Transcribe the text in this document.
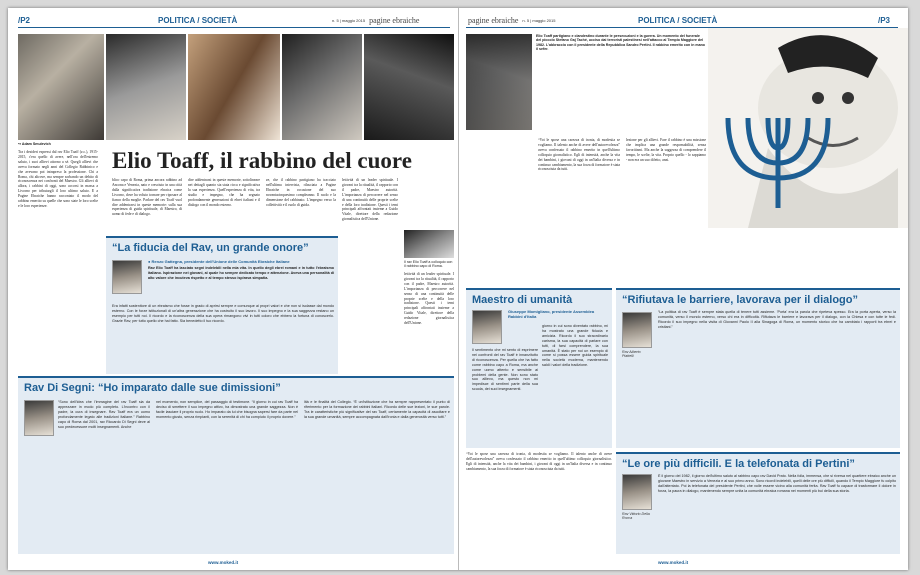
/P2	POLITICA / SOCIETÀ	n. 5 | maggio 2015 pagine ebraiche
↪ Adam Smulevich
Elio Toaff, il rabbino del cuore
Tra i desideri espressi dal rav Elio Toaff (z.c.), 1915-2015, c'era quello di avere, nell'ora dell'estremo saluto, i suoi allievi attorno a sé. Quegli allievi che aveva formato negli anni del Collegio Rabbinico e che avevano poi intrapreso la professione. Chi a Roma, chi altrove, ma sempre sorbando un debito di riconoscenza nei confronti del Maestro. Gli allievi di allora, i rabbini di oggi, sono accorsi in massa a Livorno per tributargli il loro ultimo saluto. E a Pagine Ebraiche hanno raccontato il modo del rabbino emerito su quelle che sono state le loro scelte e le loro esperienze.
blico capo di Roma, prima ancora rabbino ad Ancona e Venezia, nato e cresciuto in una città dalla significativa tradizione ebraica come Livorno, dove ha voluto tornare per riposare al fianco della moglie. Parlare del rav Toaff vuol dire addentrarsi in queste memorie: sulla sua esperienza di guida spirituale, di Maestro, di uomo di fede e di dialogo.
dire addentrarsi in queste memorie, sottolineare nei dettagli quanto sia stata ricca e significativa la sua esperienza. Quell'esperienza di vita, tra studio e impegno, che ha segnato profondamente generazioni di ebrei italiani e il dialogo con il mondo esterno.
ze, che il rabbino partigiano ha tracciato nell'ultima intervista, rilasciata a Pagine Ebraiche in occasione del suo novantacinquesimo compleanno. Il ruolo e la dimensione del rabbinato. L'impegno verso la collettività e il ruolo di guida.
lettività di un leader spirituale. I giovani tra la ritualità, il rapporto con il padre, Maestro autorità. L'importanza di percorrere nel senso di una continuità delle proprie scelte e della loro tradizione. Questi i temi principali affrontati insieme a Guido Vitale, direttore della redazione giornalistica dell'Unione.
Il rav Elio Toaff a colloquio con il rabbino capo di Roma.
lettività di un leader spirituale. I giovani tra la ritualità, il rapporto con il padre, Maestro autorità. L'importanza di percorrere nel senso di una continuità delle proprie scelte e della loro tradizione. Questi i temi principali affrontati insieme a Guido Vitale, direttore della redazione giornalistica dell'Unione.
“La fiducia del Rav, un grande onore”
● Renzo Gattegna, presidente dell'Unione delle Comunità Ebraiche Italiane
Rav Elio Toaff ha lasciato segni indelebili nella mia vita. In quello degli ebrei romani e in tutto l'ebraismo italiano. Ispirazione nei giovani, al quale ho sempre dedicato tempo e attenzione. Aveva una personalità di alto valore che incuteva rispetto e al tempo stesso ispirava simpatia.
Era infatti sostenitore di un ebraismo che fosse in grado di aprirsi sempre e comunque ai propri valori e che non si isolasse dal mondo esterno. Con le forze istituzionali di un'altra generazione che ha costruito il suo lavoro. Il suo impegno e la sua saggezza restano un esempio per tutti noi. Il ricordo e la riconoscenza della sua opera rimangono vivi in tutti coloro che ebbero la fortuna di conoscerlo. Grazie Rav, per tutto quello che hai fatto. Sia benedetto il tuo ricordo.
Rav Di Segni: “Ho imparato dalle sue dimissioni”
“Sono dell'idea che l'immagine del rav Toaff sia da apprezzare in modo più completo. L'incontro con il padre, la cura di insegnare. Rav Toaff era un uomo profondamente legato alle tradizioni italiane.” Rabbino capo di Roma dal 2001, rav Riccardo Di Segni deve al suo predecessore molti insegnamenti. Anche
nel momento, non semplice, del passaggio di testimone. “Il giorno in cui rav Toaff ha deciso di smettere il suo impegno attivo, ha dimostrato una grande saggezza. Non è facile lasciare il proprio ruolo. Ho imparato da lui che bisogna sapersi fare da parte nel momento giusto, senza rimpianti, con la serenità di chi ha compiuto il proprio dovere.”
lità e le finalità del Collegio. “È un'istituzione che ha sempre rappresentato il punto di riferimento per la formazione dei rabbini italiani. Ricordo delle sue lezioni, le sue parole. Tra le caratteristiche più significative del rav Toaff, certamente la capacità di ascoltare e la sua grande umanità, sempre accompagnata dall'ironia e dalla generosità verso tutti.”
www.moked.it
pagine ebraiche n. 5 | maggio 2015	POLITICA / SOCIETÀ	/P3
Elio Toaff partigiano e clandestino durante le persecuzioni e la guerra. Un momento del funerale del piccolo Stefano Gaj Taché, ucciso dai terroristi palestinesi nell'attacco al Tempio Maggiore del 1982. L'abbraccio con il presidente della Repubblica Sandro Pertini. Il rabbino emerito con in mano il sefer.
“Voi le spose una carezza di ironia, di modestia se vogliamo. Il talento anche di avere dell'autorevolezza” aveva confessato il rabbino emerito in quell'ultimo colloquio giornalistico. Egli di intensità, anche la vita dei bambini, i giovani di oggi in un'Italia diversa e in continuo cambiamento, la sua forza di formatore è stata riconosciuta da tutti.
lezione per gli allievi. Fare il rabbino è una missione che implica una grande responsabilità, senza favoritismi. Ma anche la saggezza di comprendere il tempo, le scelte, la vita. Proprio quello - lo sappiamo - non era un suo difetto, anzi.
Maestro di umanità
Giuseppe Momigliano, presidente Assemblea Rabbini d'Italia
Il sentimento che mi sento di esprimere nei confronti del rav Toaff è innanzitutto di riconoscenza. Per quella che ha fatto come rabbino capo a Roma, ma anche come uomo attento e sensibile ai problemi della gente. Non sono stato suo allievo, ma questo non mi impedisce di sentirmi parte della sua scuola, dei suoi insegnamenti.
giorno in cui sono diventato rabbino, mi ha mostrato una grande fiducia e amicizia. Ricordo il suo straordinario carisma, la sua capacità di parlare con tutti, di farsi comprendere, la sua umanità. È stato per noi un esempio di come si possa essere guida spirituale nella società moderna, mantenendo saldi i valori della tradizione.
“Rifiutava le barriere, lavorava per il dialogo”
Rav Alberto Piattelli
“La politica di rav Toaff è sempre stata quella di tenere tutti assieme. 'Porta' era la parola che ripeteva spesso. Era la porta aperta, verso la comunità, verso il mondo esterno, verso chi era in difficoltà. Rifiutava le barriere e lavorava per il dialogo, con la Chiesa e con tutte le fedi. Ricordo il suo impegno nella visita di Giovanni Paolo II alla Sinagoga di Roma, un momento storico che ha cambiato i rapporti tra ebrei e cristiani.”
“Le ore più difficili. E la telefonata di Pertini”
Rav Vittorio Della Rocca
È il giorno del 1982, il giorno dell'ultimo saluto al rabbino capo rav David Prato. Nella folla, immensa, che si riversa nel quartiere ebraico anche un giovane Maestro in servizio a Venezia e al suo primo anno. Sono ricordi indelebili, quelli delle ore più difficili, quando il Tempio Maggiore fu colpito dall'attentato. Poi la telefonata del presidente Pertini, che volle essere vicino alla comunità ferita. Rav Toaff fu capace di trasformare il dolore in forza, la paura in dialogo, mantenendo sempre unita la comunità ebraica romana nei momenti più bui della sua storia.
“Voi le spose una carezza di ironia, di modestia se vogliamo. Il talento anche di avere dell'autorevolezza” aveva confessato il rabbino emerito in quell'ultimo colloquio giornalistico. Egli di intensità, anche la vita dei bambini, i giovani di oggi in un'Italia diversa e in continuo cambiamento, la sua forza di formatore è stata riconosciuta da tutti.
www.moked.it
